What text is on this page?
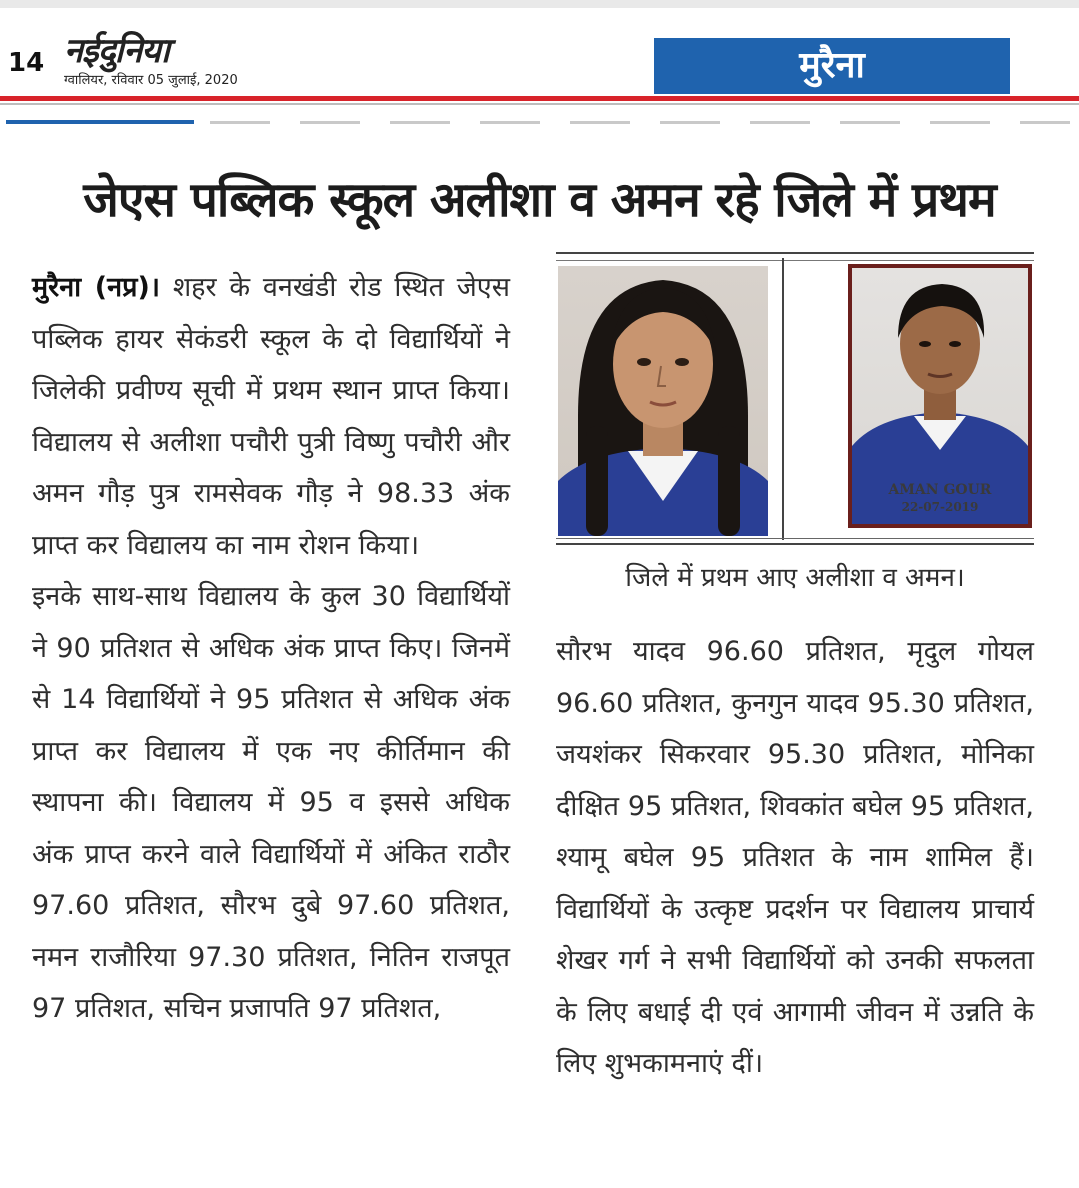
14 नईदुनिया
ग्वालियर, रविवार 05 जुलाई, 2020	मुरैना
जेएस पब्लिक स्कूल अलीशा व अमन रहे जिले में प्रथम

मुरैना (नप्र)। शहर के वनखंडी रोड स्थित जेएस पब्लिक हायर सेकंडरी स्कूल के दो विद्यार्थियों ने जिलेकी प्रवीण्य सूची में प्रथम स्थान प्राप्त किया। विद्यालय से अलीशा पचौरी पुत्री विष्णु पचौरी और अमन गौड़ पुत्र रामसेवक गौड़ ने 98.33 अंक प्राप्त कर विद्यालय का नाम रोशन किया।

इनके साथ-साथ विद्यालय के कुल 30 विद्यार्थियों ने 90 प्रतिशत से अधिक अंक प्राप्त किए। जिनमें से 14 विद्यार्थियों ने 95 प्रतिशत से अधिक अंक प्राप्त कर विद्यालय में एक नए कीर्तिमान की स्थापना की। विद्यालय में 95 व इससे अधिक अंक प्राप्त करने वाले विद्यार्थियों में अंकित राठौर 97.60 प्रतिशत, सौरभ दुबे 97.60 प्रतिशत, नमन राजौरिया 97.30 प्रतिशत, नितिन राजपूत 97 प्रतिशत, सचिन प्रजापति 97 प्रतिशत,

AMAN GOUR
22-07-2019
जिले में प्रथम आए अलीशा व अमन।

सौरभ यादव 96.60 प्रतिशत, मृदुल गोयल 96.60 प्रतिशत, कुनगुन यादव 95.30 प्रतिशत, जयशंकर सिकरवार 95.30 प्रतिशत, मोनिका दीक्षित 95 प्रतिशत, शिवकांत बघेल 95 प्रतिशत, श्यामू बघेल 95 प्रतिशत के नाम शामिल हैं। विद्यार्थियों के उत्कृष्ट प्रदर्शन पर विद्यालय प्राचार्य शेखर गर्ग ने सभी विद्यार्थियों को उनकी सफलता के लिए बधाई दी एवं आगामी जीवन में उन्नति के लिए शुभकामनाएं दीं।
